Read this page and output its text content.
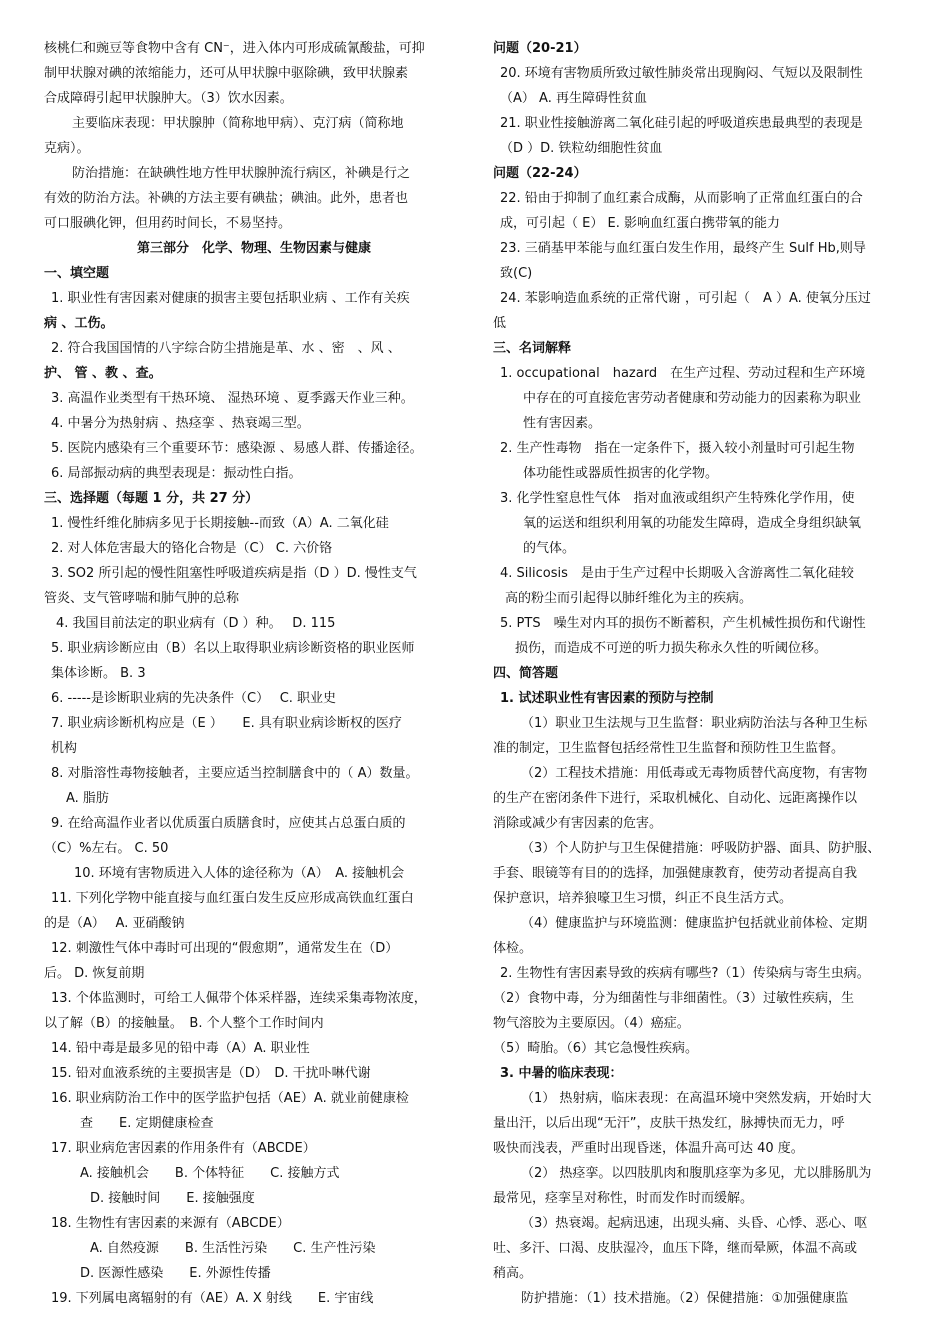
核桃仁和豌豆等食物中含有 CN⁻，进入体内可形成硫氰酸盐，可抑
制甲状腺对碘的浓缩能力，还可从甲状腺中驱除碘，致甲状腺素
合成障碍引起甲状腺肿大。（3）饮水因素。
主要临床表现：甲状腺肿（简称地甲病）、克汀病（简称地
克病）。
防治措施：在缺碘性地方性甲状腺肿流行病区，补碘是行之
有效的防治方法。补碘的方法主要有碘盐；碘油。此外，患者也
可口服碘化钾，但用药时间长，不易坚持。
第三部分　化学、物理、生物因素与健康
一、填空题
1. 职业性有害因素对健康的损害主要包括职业病 、工作有关疾
病 、工伤。
2. 符合我国国情的八字综合防尘措施是革、水 、密　、风 、
护、 管 、教 、查。
3. 高温作业类型有干热环境、 湿热环境 、夏季露天作业三种。
4. 中暑分为热射病 、热痉挛 、热衰竭三型。
5. 医院内感染有三个重要环节：感染源 、易感人群、传播途径。
6. 局部振动病的典型表现是：振动性白指。
三、选择题（每题 1 分，共 27 分）
1. 慢性纤维化肺病多见于长期接触--而致（A）A. 二氧化硅
2. 对人体危害最大的铬化合物是（C） C. 六价铬
3. SO2 所引起的慢性阻塞性呼吸道疾病是指（D ）D. 慢性支气
管炎、支气管哮喘和肺气肿的总称
4. 我国目前法定的职业病有（D ）种。　 D. 115
5. 职业病诊断应由（B）名以上取得职业病诊断资格的职业医师
集体诊断。 B. 3
6. -----是诊断职业病的先决条件（C）　 C. 职业史
7. 职业病诊断机构应是（E ）　　E. 具有职业病诊断权的医疗
机构
8. 对脂溶性毒物接触者，主要应适当控制膳食中的（ A）数量。
A. 脂肪
9. 在给高温作业者以优质蛋白质膳食时，应使其占总蛋白质的
（C）%左右。 C. 50
10. 环境有害物质进入人体的途径称为（A）　A. 接触机会
11. 下列化学物中能直接与血红蛋白发生反应形成高铁血红蛋白
的是（A）　 A. 亚硝酸钠
12. 刺激性气体中毒时可出现的“假愈期”，通常发生在（D）
后。 D. 恢复前期
13. 个体监测时，可给工人佩带个体采样器，连续采集毒物浓度，
以了解（B）的接触量。　B. 个人整个工作时间内
14. 铅中毒是最多见的铅中毒（A）A. 职业性
15. 铅对血液系统的主要损害是（D）　D. 干扰卟啉代谢
16. 职业病防治工作中的医学监护包括（AE）A. 就业前健康检
查　　E. 定期健康检查
17. 职业病危害因素的作用条件有（ABCDE）
A. 接触机会　　B. 个体特征　　C. 接触方式
D. 接触时间　　E. 接触强度
18. 生物性有害因素的来源有（ABCDE）
A. 自然疫源　　B. 生活性污染　　C. 生产性污染
D. 医源性感染　　E. 外源性传播
19. 下列属电离辐射的有（AE）A. X 射线　　E. 宇宙线
问题（20-21）
20. 环境有害物质所致过敏性肺炎常出现胸闷、气短以及限制性
（A） A. 再生障碍性贫血
21. 职业性接触游离二氧化硅引起的呼吸道疾患最典型的表现是
（D ）D. 铁粒幼细胞性贫血
问题（22-24）
22. 铅由于抑制了血红素合成酶，从而影响了正常血红蛋白的合
成，可引起（ E） E. 影响血红蛋白携带氧的能力
23. 三硝基甲苯能与血红蛋白发生作用，最终产生 Sulf Hb,则导
致(C)
24. 苯影响造血系统的正常代谢 ，可引起（　A ）A. 使氧分压过
低
三、名词解释
1. occupational　hazard　在生产过程、劳动过程和生产环境
中存在的可直接危害劳动者健康和劳动能力的因素称为职业
性有害因素。
2. 生产性毒物　指在一定条件下，摄入较小剂量时可引起生物
体功能性或器质性损害的化学物。
3. 化学性窒息性气体　指对血液或组织产生特殊化学作用，使
氧的运送和组织利用氧的功能发生障碍，造成全身组织缺氧
的气体。
4. Silicosis　是由于生产过程中长期吸入含游离性二氧化硅较
高的粉尘而引起得以肺纤维化为主的疾病。
5. PTS　噪生对内耳的损伤不断蓄积，产生机械性损伤和代谢性
损伤，而造成不可逆的听力损失称永久性的听阈位移。
四、简答题
1. 试述职业性有害因素的预防与控制
（1）职业卫生法规与卫生监督：职业病防治法与各种卫生标
准的制定，卫生监督包括经常性卫生监督和预防性卫生监督。
（2）工程技术措施：用低毒或无毒物质替代高度物，有害物
的生产在密闭条件下进行，采取机械化、自动化、远距离操作以
消除或减少有害因素的危害。
（3）个人防护与卫生保健措施：呼吸防护器、面具、防护服、
手套、眼镜等有目的的选择，加强健康教育，使劳动者提高自我
保护意识，培养狼嚎卫生习惯，纠正不良生活方式。
（4）健康监护与环境监测：健康监护包括就业前体检、定期
体检。
2. 生物性有害因素导致的疾病有哪些?（1）传染病与寄生虫病。
（2）食物中毒，分为细菌性与非细菌性。（3）过敏性疾病，生
物气溶胶为主要原因。（4）癌症。
（5）畸胎。（6）其它急慢性疾病。
3. 中暑的临床表现：
（1） 热射病，临床表现：在高温环境中突然发病，开始时大
量出汗，以后出现“无汗”，皮肤干热发红，脉搏快而无力，呼
吸快而浅表，严重时出现昏迷，体温升高可达 40 度。
（2） 热痉挛。以四肢肌肉和腹肌痉挛为多见，尤以腓肠肌为
最常见，痉挛呈对称性，时而发作时而缓解。
（3）热衰竭。起病迅速，出现头痛、头昏、心悸、恶心、呕
吐、多汗、口渴、皮肤湿冷，血压下降，继而晕厥，体温不高或
稍高。
防护措施：（1）技术措施。（2）保健措施：①加强健康监
